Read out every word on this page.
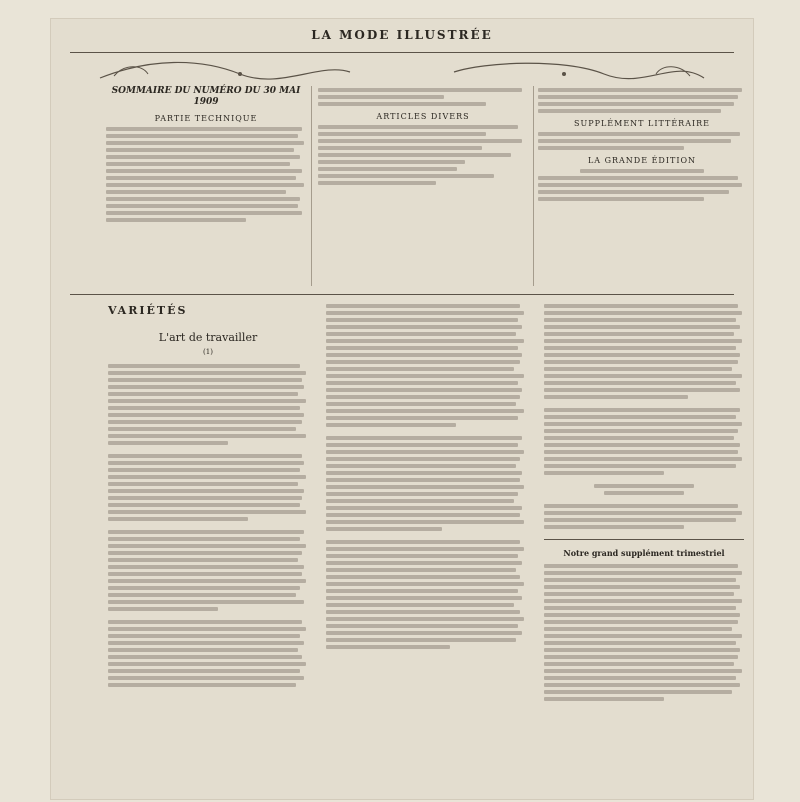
LA MODE ILLUSTRÉE

SOMMAIRE DU NUMÉRO DU 30 MAI 1909

PARTIE TECHNIQUE	ARTICLES DIVERS

SUPPLÉMENT LITTÉRAIRE

LA GRANDE ÉDITION

VARIÉTÉS

L'art de travailler

(1)

Notre grand supplément trimestriel
